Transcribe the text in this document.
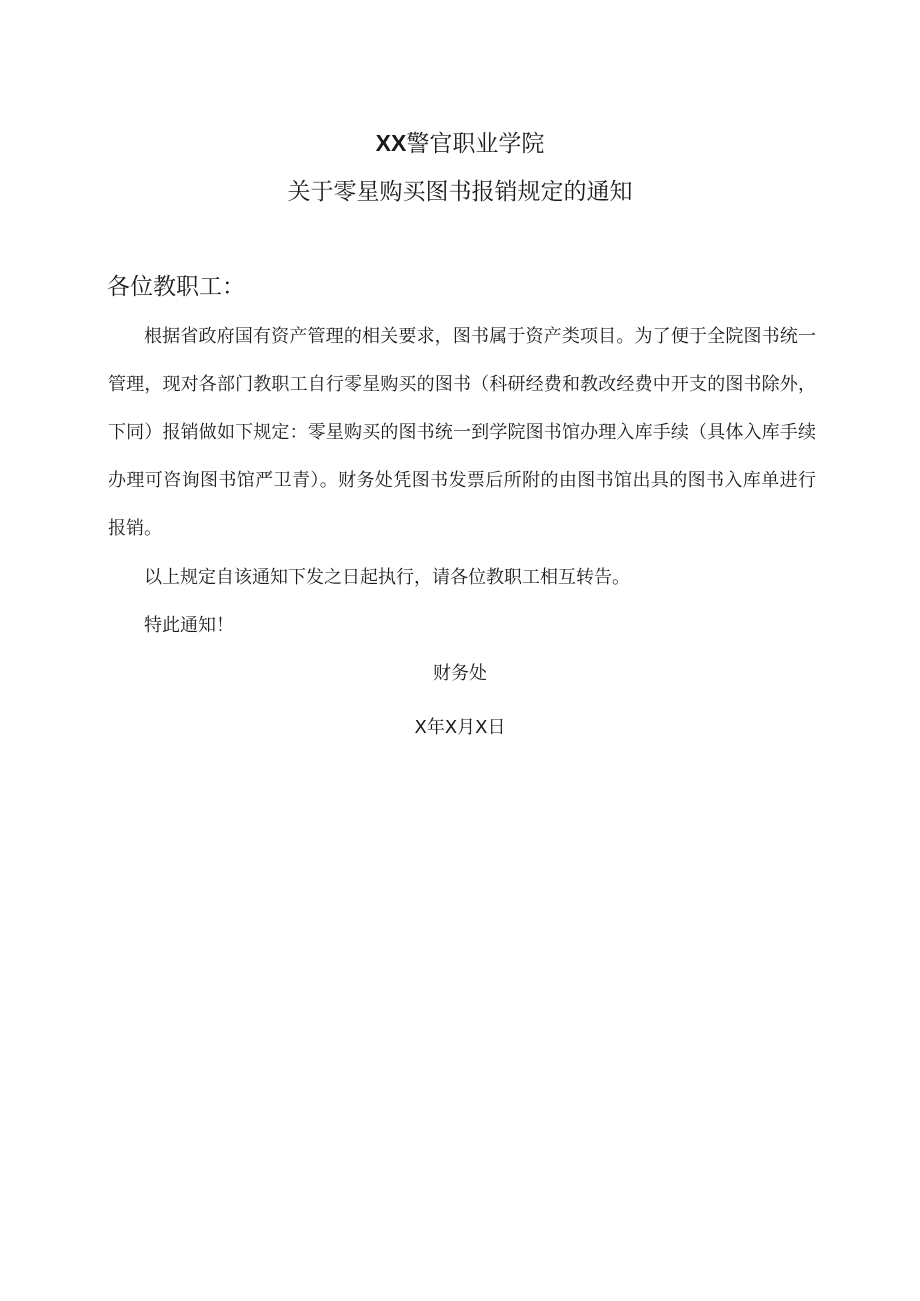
XX警官职业学院
关于零星购买图书报销规定的通知
各位教职工：

根据省政府国有资产管理的相关要求，图书属于资产类项目。为了便于全院图书统一管理，现对各部门教职工自行零星购买的图书（科研经费和教改经费中开支的图书除外，下同）报销做如下规定：零星购买的图书统一到学院图书馆办理入库手续（具体入库手续办理可咨询图书馆严卫青）。财务处凭图书发票后所附的由图书馆出具的图书入库单进行报销。

以上规定自该通知下发之日起执行，请各位教职工相互转告。

特此通知！

财务处
X年X月X日
